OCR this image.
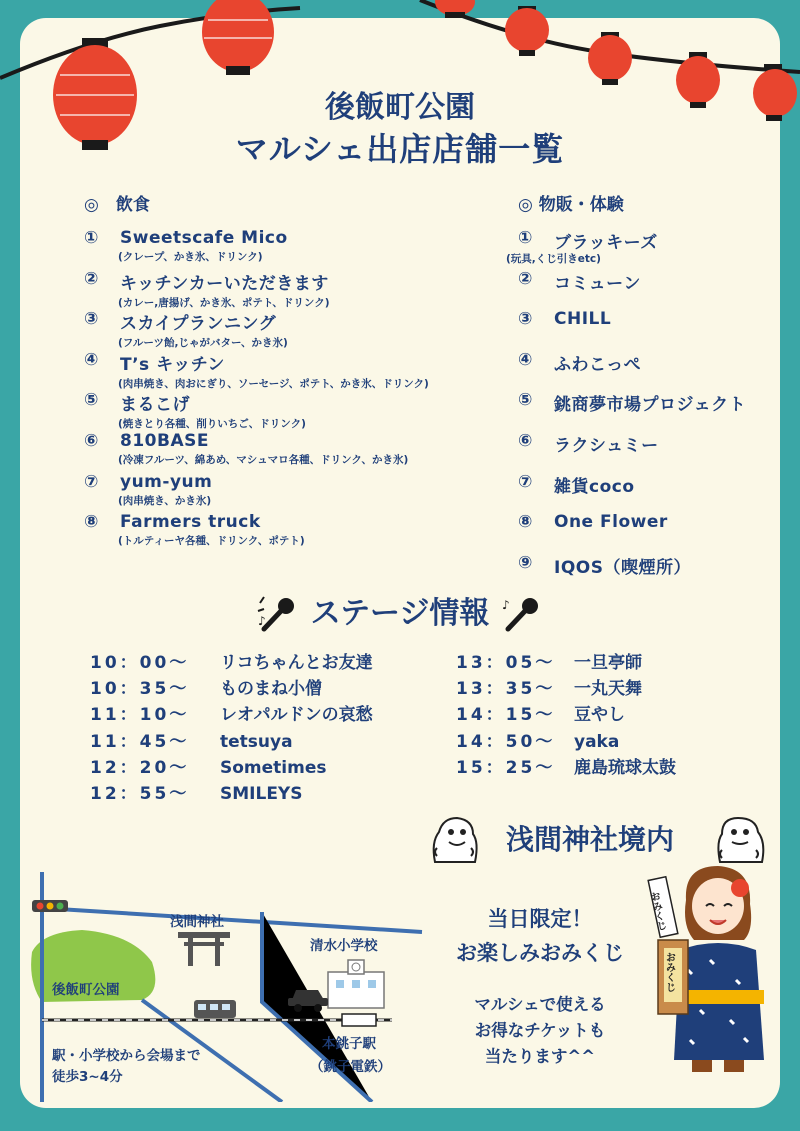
後飯町公園
マルシェ出店店舗一覧
◎　飲食	◎ 物販・体験
① Sweetscafe Mico
(クレープ、かき氷、ドリンク)
② キッチンカーいただきます
(カレー,唐揚げ、かき氷、ポテト、ドリンク)
③ スカイプランニング
(フルーツ飴,じゃがバター、かき氷)
④ T’s キッチン
(肉串焼き、肉おにぎり、ソーセージ、ポテト、かき氷、ドリンク)
⑤ まるこげ
(焼きとり各種、削りいちご、ドリンク)
⑥ 810BASE
(冷凍フルーツ、綿あめ、マシュマロ各種、ドリンク、かき氷)
⑦ yum-yum
(肉串焼き、かき氷)
⑧ Farmers truck
(トルティーヤ各種、ドリンク、ポテト)
① ブラッキーズ
(玩具,くじ引きetc)
② コミューン
③ CHILL
④ ふわこっぺ
⑤ 銚商夢市場プロジェクト
⑥ ラクシュミー
⑦ 雑貨coco
⑧ One Flower
⑨ IQOS（喫煙所）
♪ ステージ情報 ♪
10：00～ リコちゃんとお友達
10：35～ ものまね小僧
11：10～ レオパルドンの哀愁
11：45～ tetsuya
12：20～ Sometimes
12：55～ SMILEYS
13：05～ 一旦亭師
13：35～ 一丸天舞
14：15～ 豆やし
14：50～ yaka
15：25～ 鹿島琉球太鼓
浅間神社境内
当日限定！
お楽しみおみくじ
マルシェで使える
お得なチケットも
当たります^^
おみくじ
おみくじ
浅間神社
清水小学校
後飯町公園
本銚子駅
（銚子電鉄）
駅・小学校から会場まで
徒歩3~4分
